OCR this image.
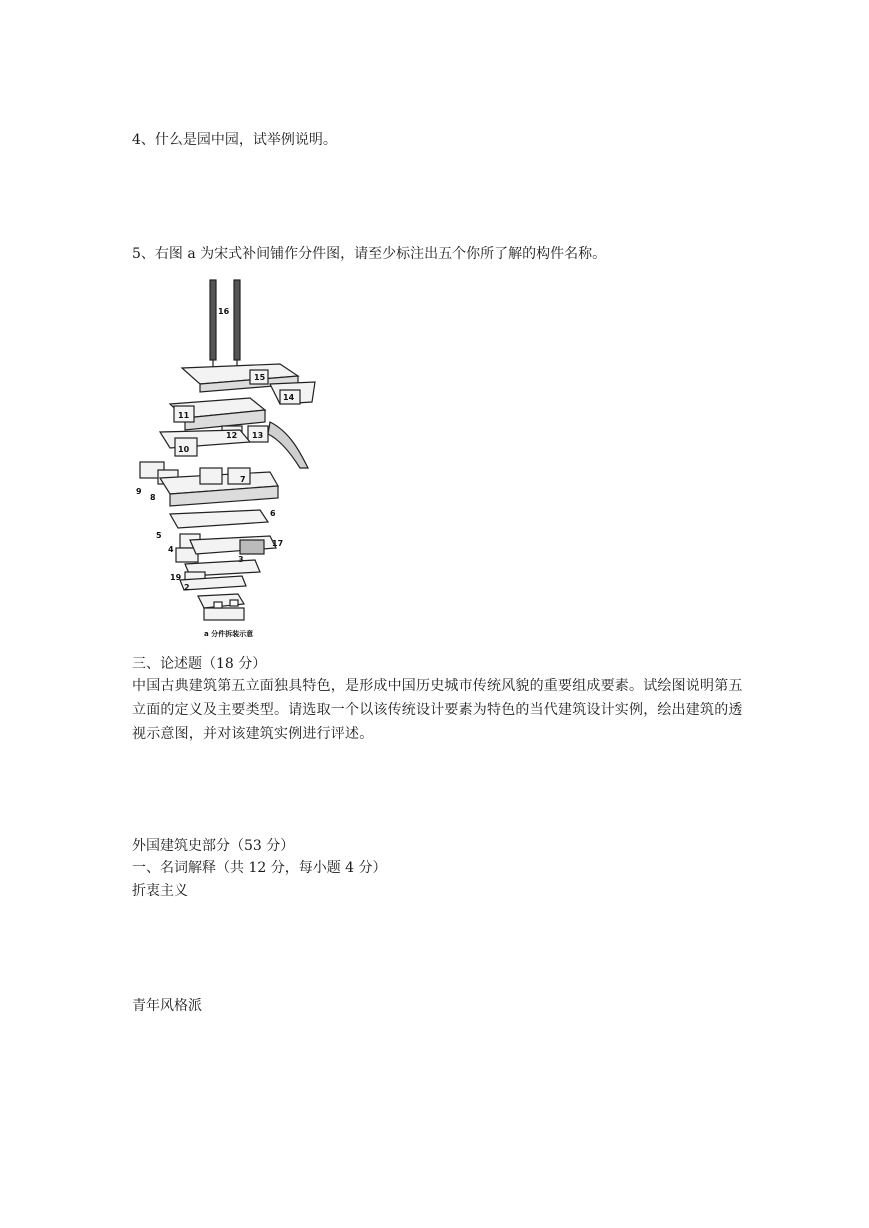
4、什么是园中园，试举例说明。
5、右图 a 为宋式补间铺作分件图，请至少标注出五个你所了解的构件名称。
16
15
14
11
12 13
10
9
8
7
6
5
4
17
3
19
2
a 分件拆装示意
三、论述题（18 分）
中国古典建筑第五立面独具特色，是形成中国历史城市传统风貌的重要组成要素。试绘图说明第五立面的定义及主要类型。请选取一个以该传统设计要素为特色的当代建筑设计实例，绘出建筑的透视示意图，并对该建筑实例进行评述。
外国建筑史部分（53 分）
一、名词解释（共 12 分，每小题 4 分）
折衷主义
青年风格派
